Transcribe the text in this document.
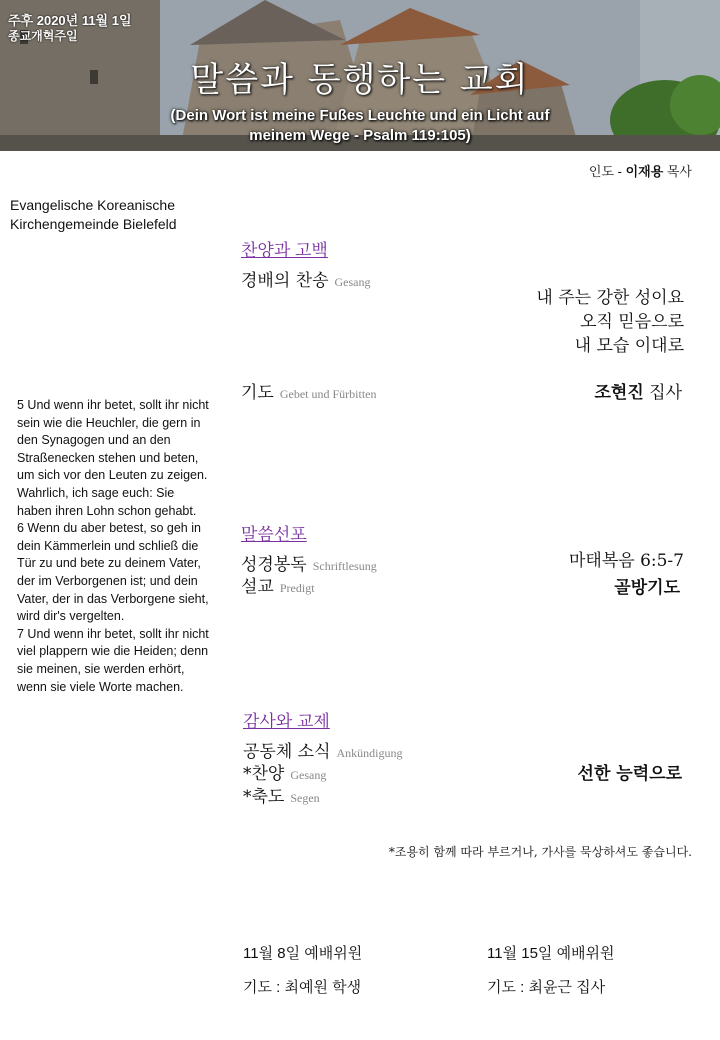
주후 2020년 11월 1일
종교개혁주일
말씀과 동행하는 교회
(Dein Wort ist meine Fußes Leuchte und ein Licht auf
meinem Wege - Psalm 119:105)
인도 - 이재용 목사
Evangelische Koreanische
Kirchengemeinde Bielefeld

5 Und wenn ihr betet, sollt ihr nicht sein wie die Heuchler, die gern in den Synagogen und an den Straßenecken stehen und beten, um sich vor den Leuten zu zeigen. Wahrlich, ich sage euch: Sie haben ihren Lohn schon gehabt.

6 Wenn du aber betest, so geh in dein Kämmerlein und schließ die Tür zu und bete zu deinem Vater, der im Verborgenen ist; und dein Vater, der in das Verborgene sieht, wird dir's vergelten.

7 Und wenn ihr betet, sollt ihr nicht viel plappern wie die Heiden; denn sie meinen, sie werden erhört, wenn sie viele Worte machen.

찬양과 고백
경배의 찬송 Gesang
내 주는 강한 성이요
오직 믿음으로
내 모습 이대로
기도 Gebet und Fürbitten	조현진 집사
말씀선포
성경봉독 Schriftlesung
설교 Predigt
마태복음 6:5-7
골방기도
감사와 교제
공동체 소식 Ankündigung
*찬양 Gesang
*축도 Segen
선한 능력으로
*조용히 함께 따라 부르거나, 가사를 묵상하셔도 좋습니다.
11월 8일 예배위원
기도 : 최예원 학생
11월 15일 예배위원
기도 : 최윤근 집사
